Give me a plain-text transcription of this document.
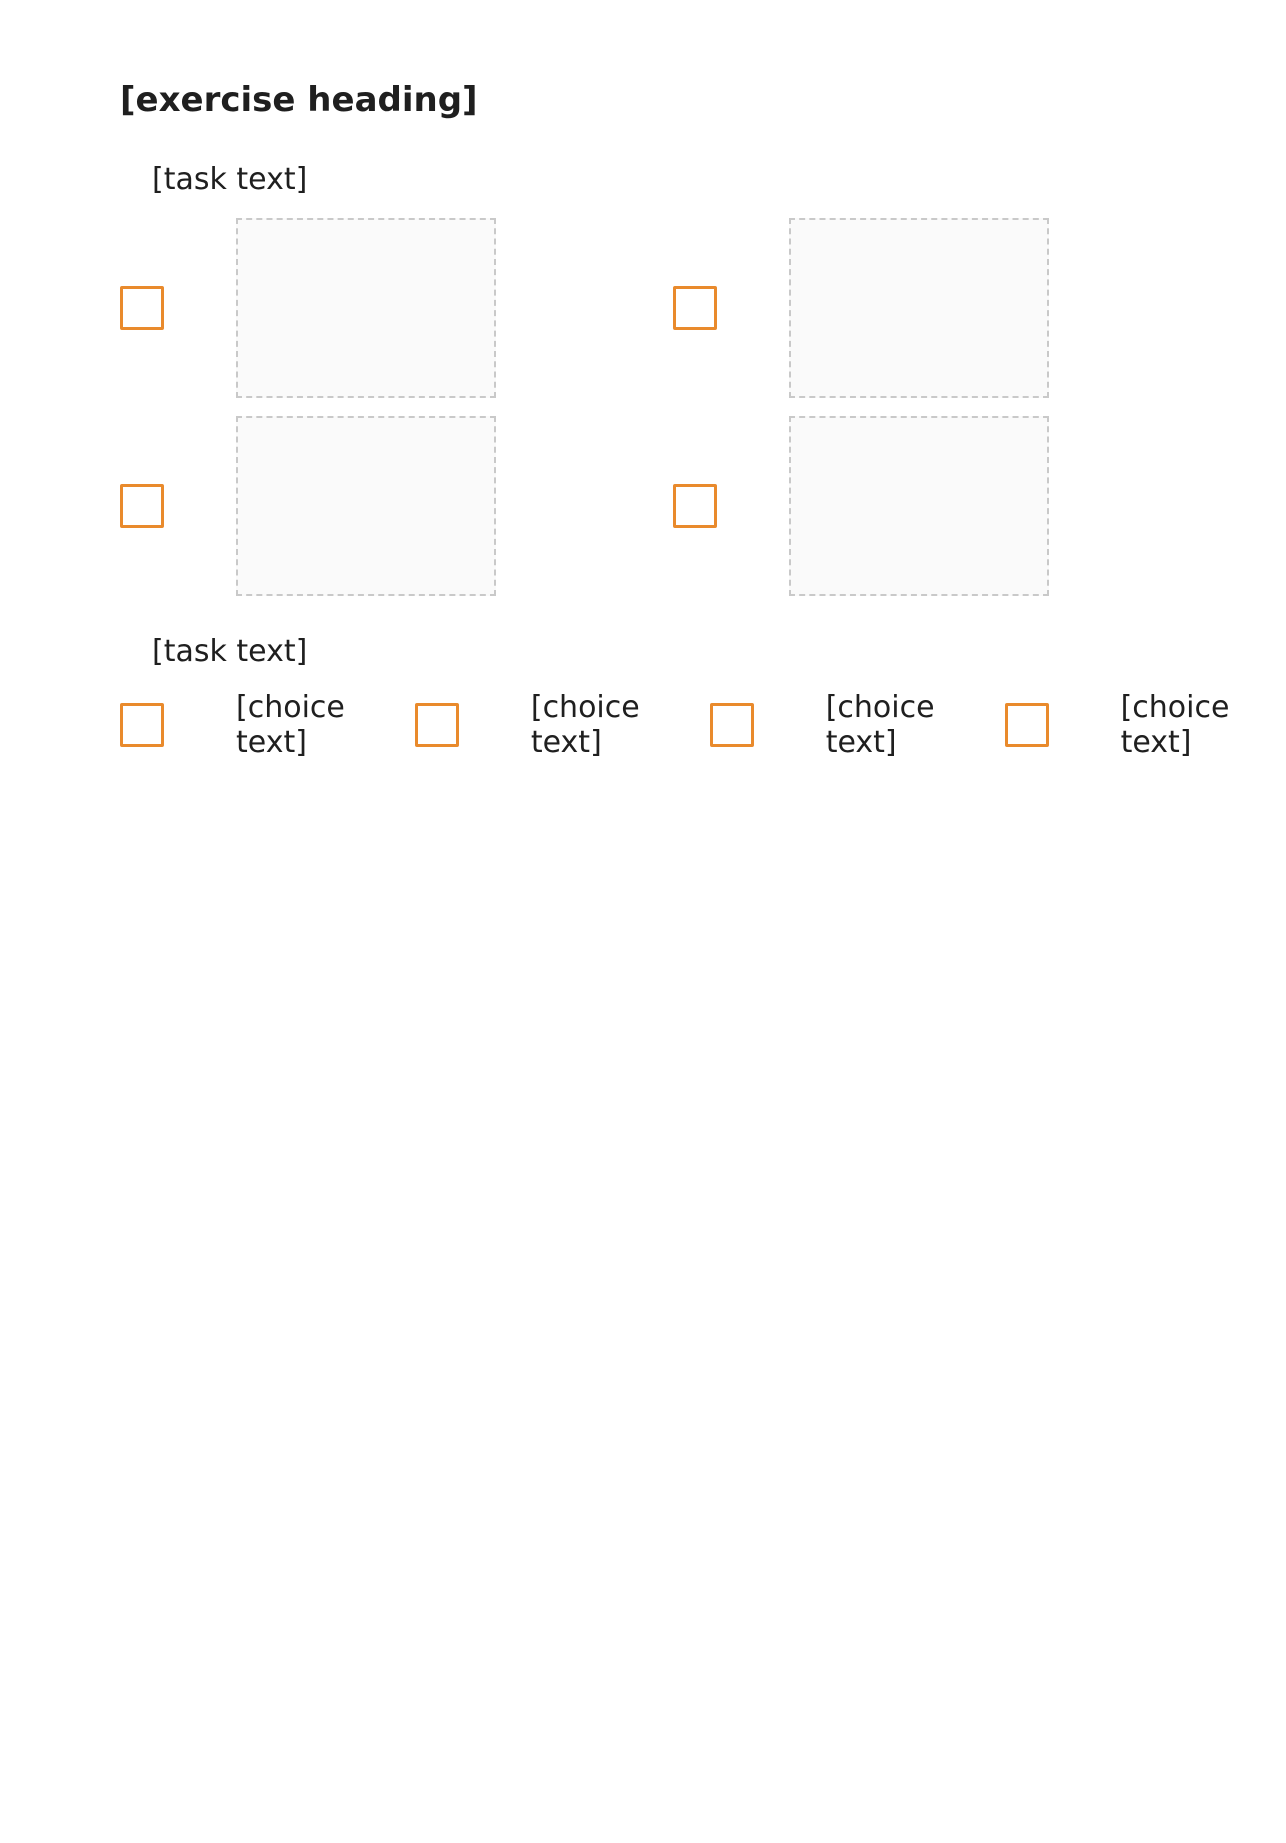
[exercise heading]
[task text]
[task text]
[choice text]
[choice text]
[choice text]
[choice text]
